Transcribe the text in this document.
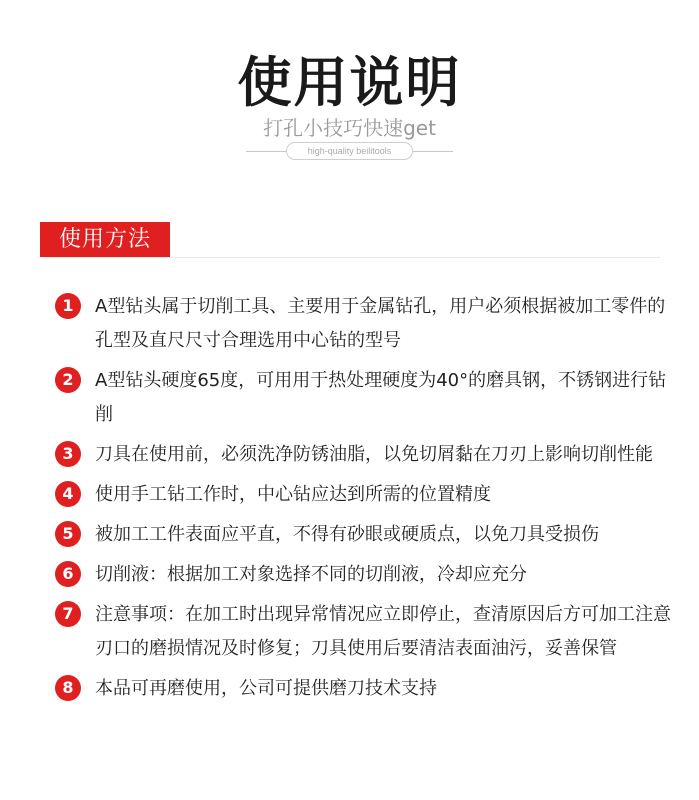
使用说明
打孔小技巧快速get
high-quality beilitools
使用方法
1	A型钻头属于切削工具、主要用于金属钻孔，用户必须根据被加工零件的孔型及直尺尺寸合理选用中心钻的型号
2	A型钻头硬度65度，可用用于热处理硬度为40°的磨具钢，不锈钢进行钻削
3	刀具在使用前，必须洗净防锈油脂，以免切屑黏在刀刃上影响切削性能
4	使用手工钻工作时，中心钻应达到所需的位置精度
5	被加工工件表面应平直，不得有砂眼或硬质点，以免刀具受损伤
6	切削液：根据加工对象选择不同的切削液，冷却应充分
7	注意事项：在加工时出现异常情况应立即停止，查清原因后方可加工注意刃口的磨损情况及时修复；刀具使用后要清洁表面油污，妥善保管
8	本品可再磨使用，公司可提供磨刀技术支持
